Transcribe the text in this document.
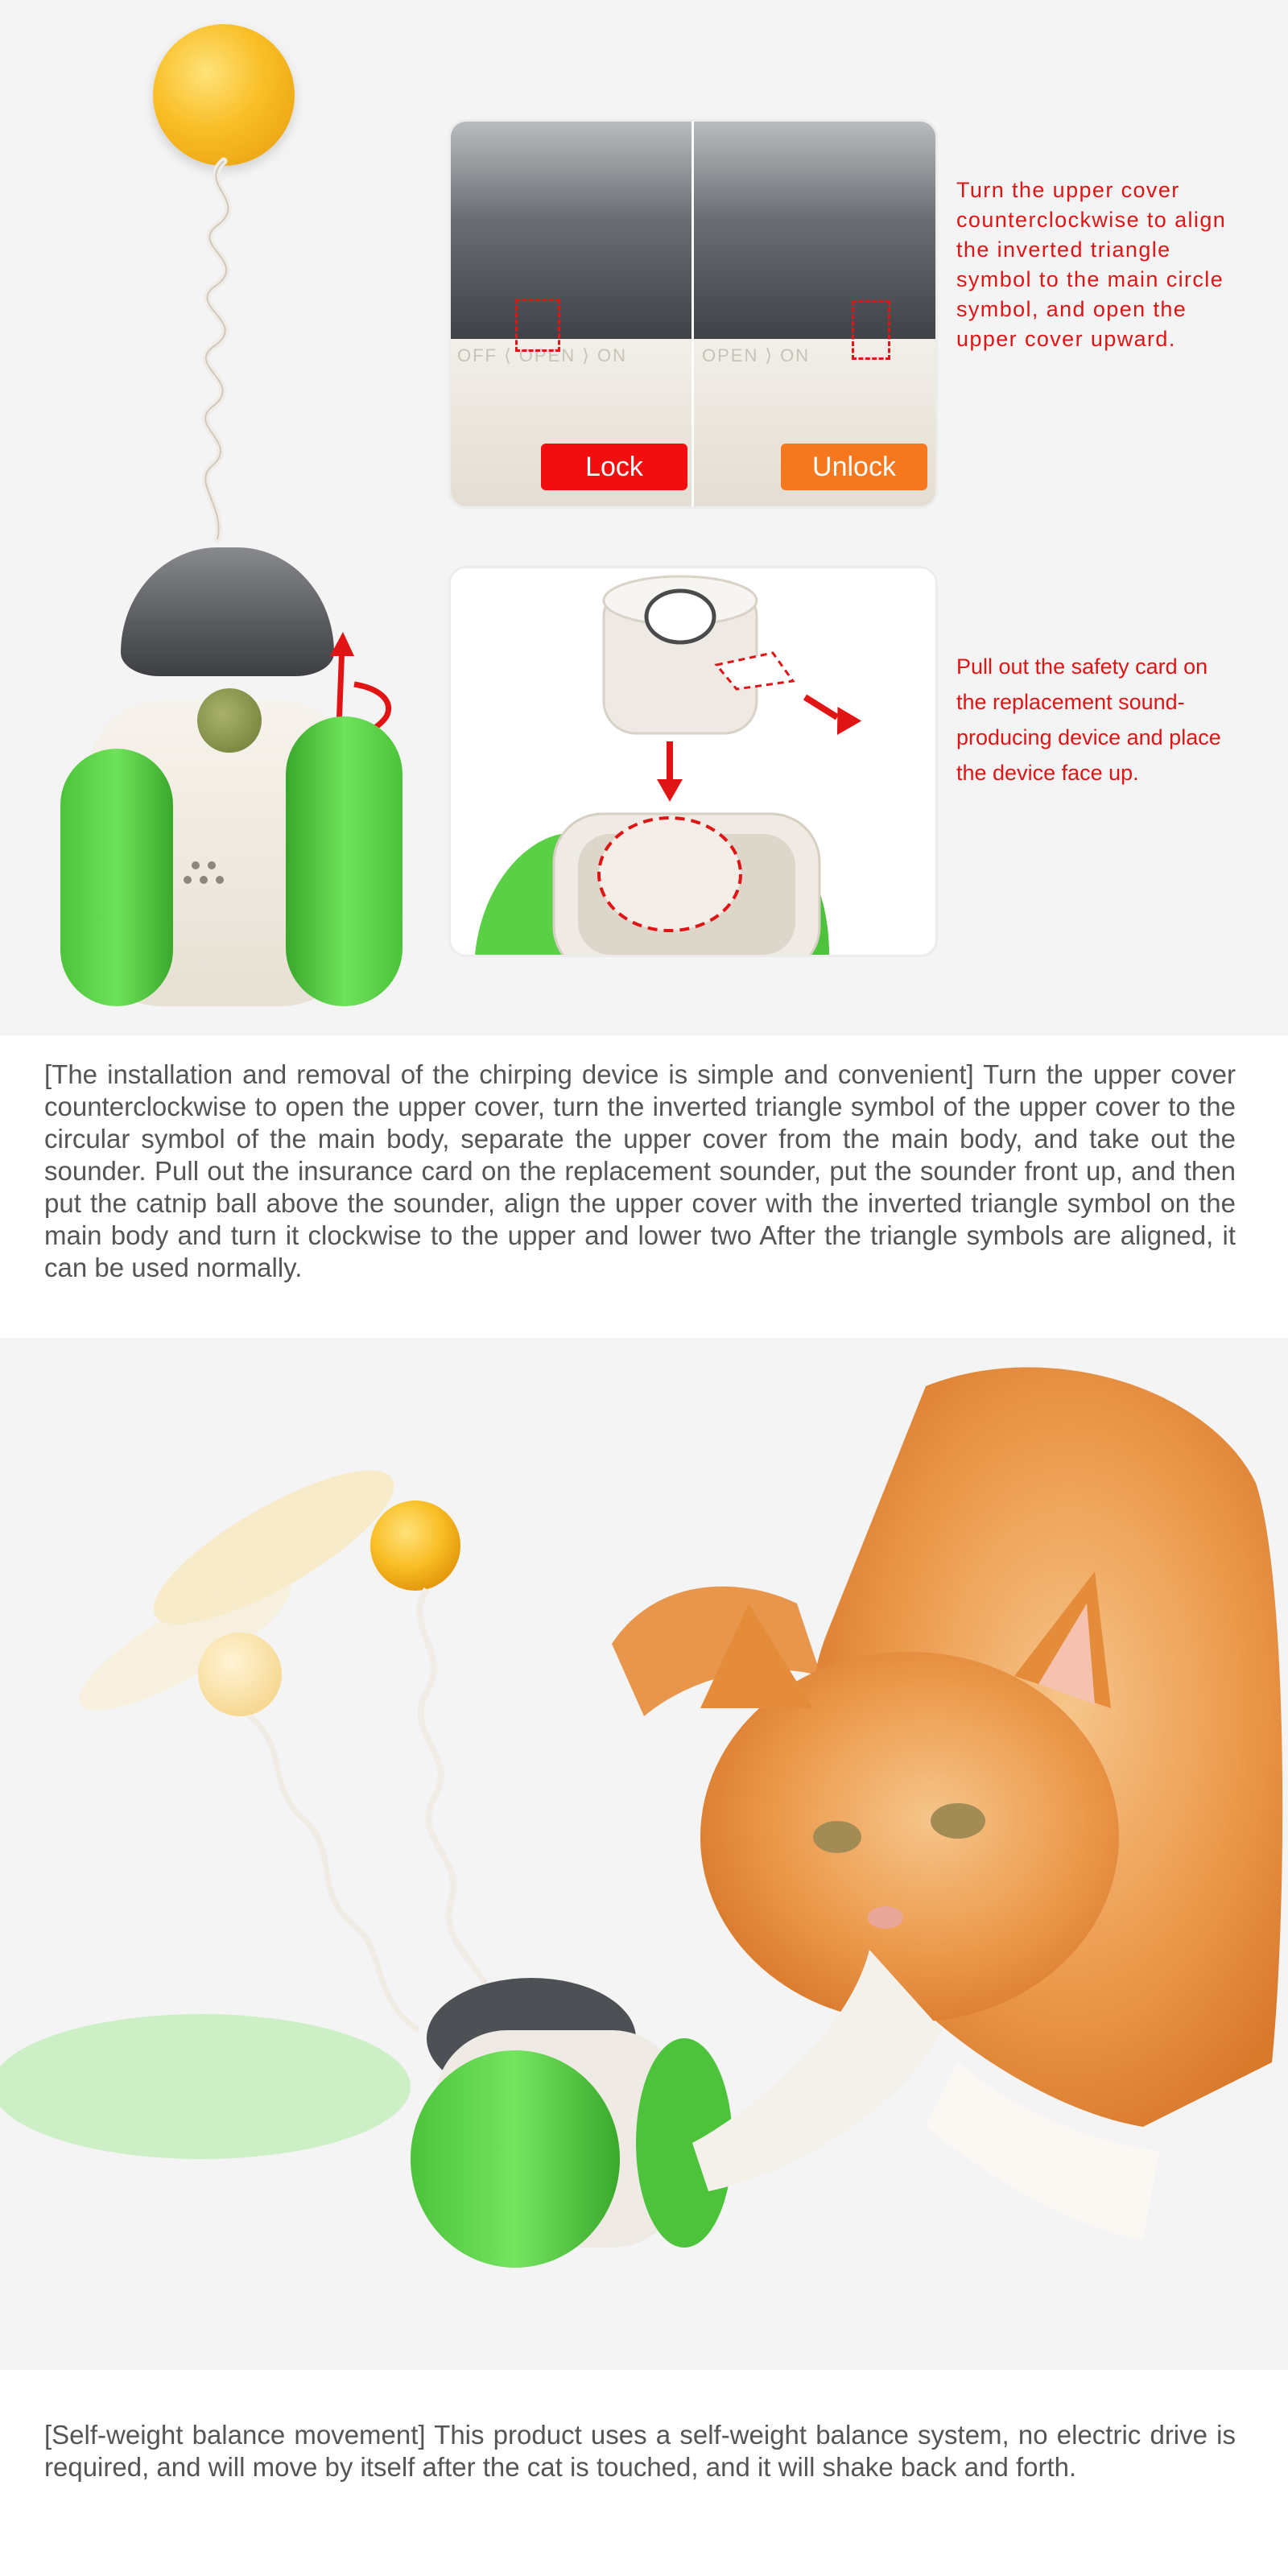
OFF ⟨ OPEN ⟩ ON	OPEN ⟩ ON
Lock	Unlock
Turn the upper cover counterclockwise to align the inverted triangle symbol to the main circle symbol, and open the upper cover upward.
Pull out the safety card on the replacement sound-producing device and place the device face up.
[The installation and removal of the chirping device is simple and convenient] Turn the upper cover counterclockwise to open the upper cover, turn the inverted triangle symbol of the upper cover to the circular symbol of the main body, separate the upper cover from the main body, and take out the sounder. Pull out the insurance card on the replacement sounder, put the sounder front up, and then put the catnip ball above the sounder, align the upper cover with the inverted triangle symbol on the main body and turn it clockwise to the upper and lower two After the triangle symbols are aligned, it can be used normally.
[Self-weight balance movement] This product uses a self-weight balance system, no electric drive is required, and will move by itself after the cat is touched, and it will shake back and forth.
